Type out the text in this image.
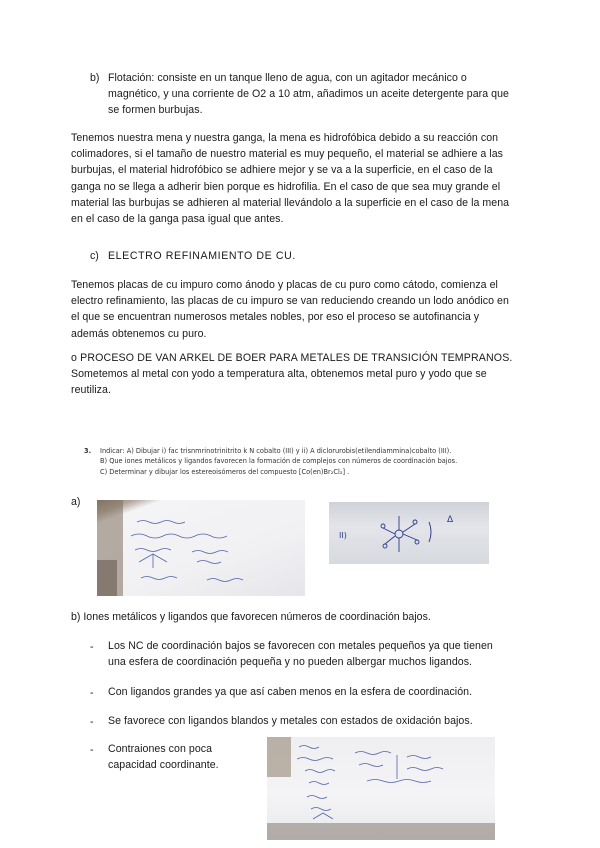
b) Flotación: consiste en un tanque lleno de agua, con un agitador mecánico o
magnético, y una corriente de O2 a 10 atm, añadimos un aceite detergente para que
se formen burbujas.
Tenemos nuestra mena y nuestra ganga, la mena es hidrofóbica debido a su reacción con
colimadores, si el tamaño de nuestro material es muy pequeño, el material se adhiere a las
burbujas, el material hidrofóbico se adhiere mejor y se va a la superficie, en el caso de la
ganga no se llega a adherir bien porque es hidrofilia. En el caso de que sea muy grande el
material las burbujas se adhieren al material llevándolo a la superficie en el caso de la mena
en el caso de la ganga pasa igual que antes.
c) ELECTRO REFINAMIENTO DE CU.
Tenemos placas de cu impuro como ánodo y placas de cu puro como cátodo, comienza el
electro refinamiento, las placas de cu impuro se van reduciendo creando un lodo anódico en
el que se encuentran numerosos metales nobles, por eso el proceso se autofinancia y
además obtenemos cu puro.
o PROCESO DE VAN ARKEL DE BOER PARA METALES DE TRANSICIÓN TEMPRANOS.
Sometemos al metal con yodo a temperatura alta, obtenemos metal puro y yodo que se
reutiliza.
3. Indicar: A) Dibujar i) fac trisnmrinotrinitrito k N cobalto (III) y ii) A diclorurobis(etilendiammina)cobalto (III).
B) Que iones metálicos y ligandos favorecen la formación de complejos con números de coordinación bajos.
C) Determinar y dibujar los estereoisómeros del compuesto [Co(en)Br₂Cl₂] .
a)
II)
Δ
b) Iones metálicos y ligandos que favorecen números de coordinación bajos.
- Los NC de coordinación bajos se favorecen con metales pequeños ya que tienen
una esfera de coordinación pequeña y no pueden albergar muchos ligandos.
- Con ligandos grandes ya que así caben menos en la esfera de coordinación.
- Se favorece con ligandos blandos y metales con estados de oxidación bajos.
- Contraiones con poca
capacidad coordinante.
